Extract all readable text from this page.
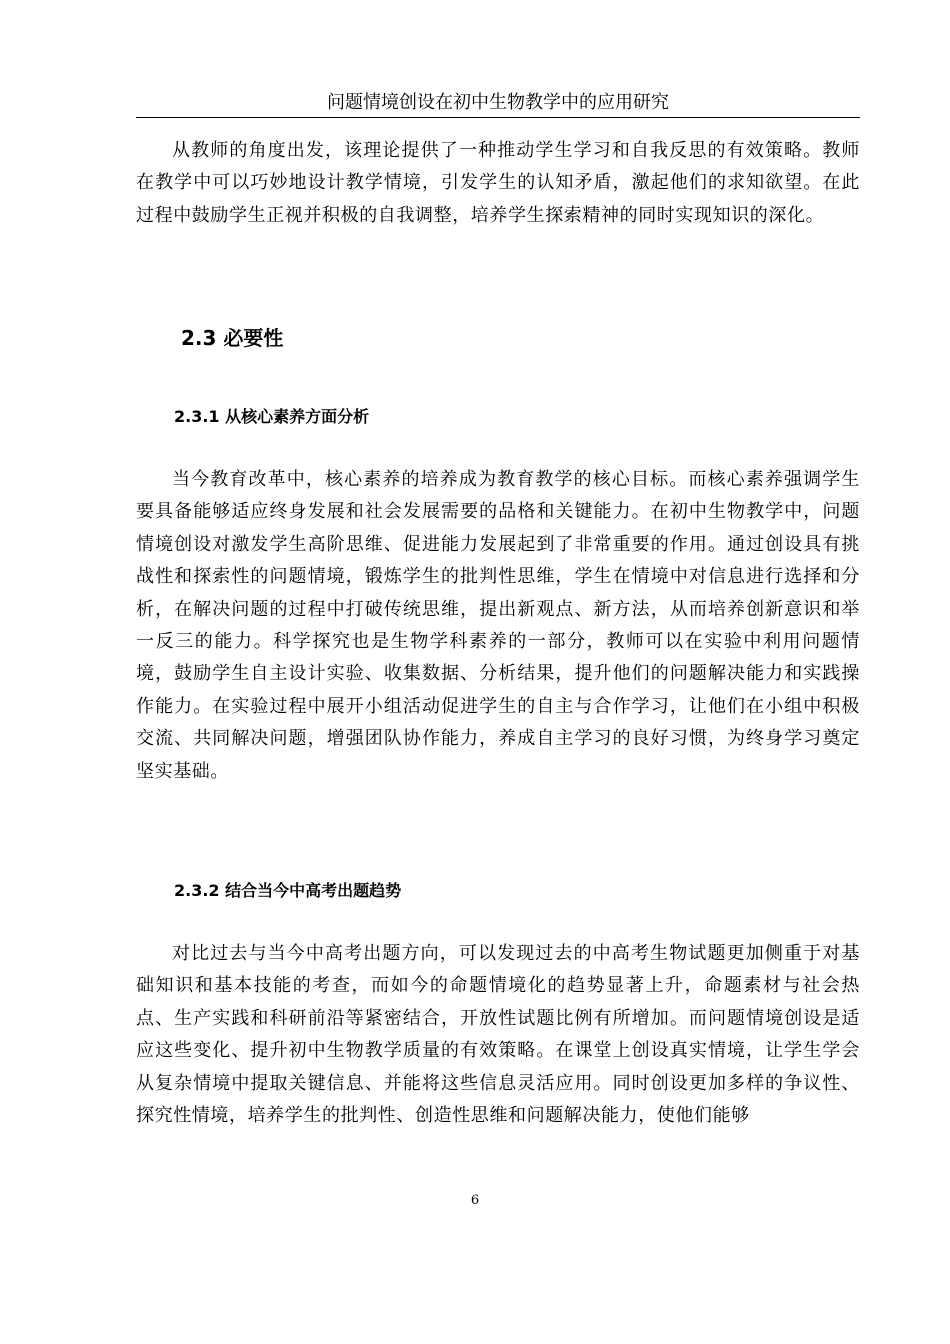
问题情境创设在初中生物教学中的应用研究

从教师的角度出发，该理论提供了一种推动学生学习和自我反思的有效策略。教师在教学中可以巧妙地设计教学情境，引发学生的认知矛盾，激起他们的求知欲望。在此过程中鼓励学生正视并积极的自我调整，培养学生探索精神的同时实现知识的深化。

2.3 必要性
2.3.1 从核心素养方面分析

当今教育改革中，核心素养的培养成为教育教学的核心目标。而核心素养强调学生要具备能够适应终身发展和社会发展需要的品格和关键能力。在初中生物教学中，问题情境创设对激发学生高阶思维、促进能力发展起到了非常重要的作用。通过创设具有挑战性和探索性的问题情境，锻炼学生的批判性思维，学生在情境中对信息进行选择和分析，在解决问题的过程中打破传统思维，提出新观点、新方法，从而培养创新意识和举一反三的能力。科学探究也是生物学科素养的一部分，教师可以在实验中利用问题情境，鼓励学生自主设计实验、收集数据、分析结果，提升他们的问题解决能力和实践操作能力。在实验过程中展开小组活动促进学生的自主与合作学习，让他们在小组中积极交流、共同解决问题，增强团队协作能力，养成自主学习的良好习惯，为终身学习奠定坚实基础。

2.3.2 结合当今中高考出题趋势

对比过去与当今中高考出题方向，可以发现过去的中高考生物试题更加侧重于对基础知识和基本技能的考查，而如今的命题情境化的趋势显著上升，命题素材与社会热点、生产实践和科研前沿等紧密结合，开放性试题比例有所增加。而问题情境创设是适应这些变化、提升初中生物教学质量的有效策略。在课堂上创设真实情境，让学生学会从复杂情境中提取关键信息、并能将这些信息灵活应用。同时创设更加多样的争议性、探究性情境，培养学生的批判性、创造性思维和问题解决能力，使他们能够

6
